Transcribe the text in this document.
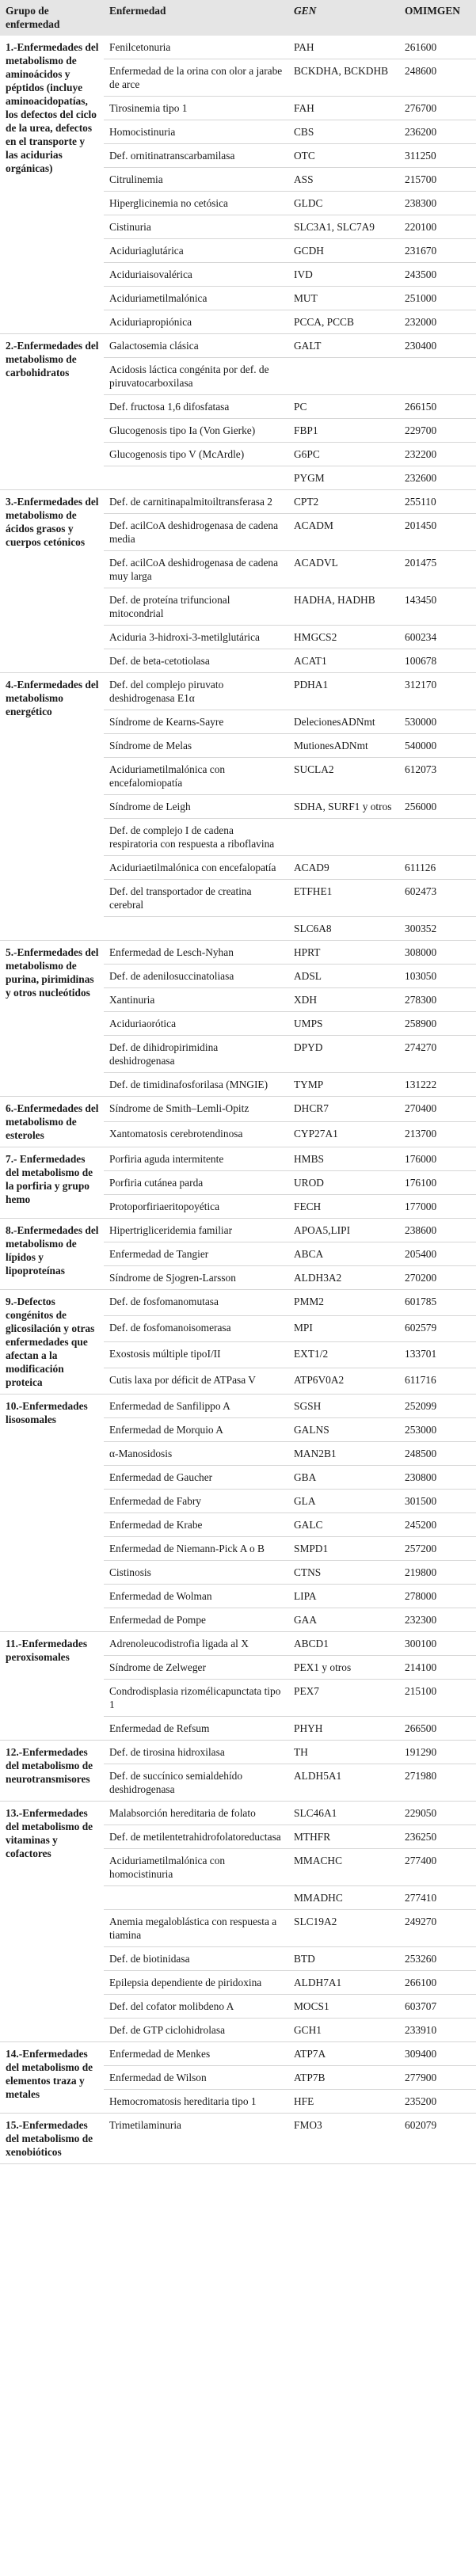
Grupo de enfermedad	Enfermedad	GEN	OMIMGEN
1.-Enfermedades del metabolismo de aminoácidos y péptidos (incluye aminoacidopatías, los defectos del ciclo de la urea, defectos en el transporte y las acidurias orgánicas)	Fenilcetonuria	PAH	261600
	Enfermedad de la orina con olor a jarabe de arce	BCKDHA, BCKDHB	248600
	Tirosinemia tipo 1	FAH	276700
	Homocistinuria	CBS	236200
	Def. ornitinatranscarbamilasa	OTC	311250
	Citrulinemia	ASS	215700
	Hiperglicinemia no cetósica	GLDC	238300
	Cistinuria	SLC3A1, SLC7A9	220100
	Aciduriaglutárica	GCDH	231670
	Aciduriaisovalérica	IVD	243500
	Aciduriametilmalónica	MUT	251000
	Aciduriapropiónica	PCCA, PCCB	232000
2.-Enfermedades del metabolismo de carbohidratos	Galactosemia clásica	GALT	230400
	Acidosis láctica congénita por def. de piruvatocarboxilasa		
	Def. fructosa 1,6 difosfatasa	PC	266150
	Glucogenosis tipo Ia (Von Gierke)	FBP1	229700
	Glucogenosis tipo V (McArdle)	G6PC	232200
		PYGM	232600
3.-Enfermedades del metabolismo de ácidos grasos y cuerpos cetónicos	Def. de carnitinapalmitoiltransferasa 2	CPT2	255110
	Def. acilCoA deshidrogenasa de cadena media	ACADM	201450
	Def. acilCoA deshidrogenasa de cadena muy larga	ACADVL	201475
	Def. de proteína trifuncional mitocondrial	HADHA, HADHB	143450
	Aciduria 3-hidroxi-3-metilglutárica	HMGCS2	600234
	Def. de beta-cetotiolasa	ACAT1	100678
4.-Enfermedades del metabolismo energético	Def. del complejo piruvato deshidrogenasa E1α	PDHA1	312170
	Síndrome de Kearns-Sayre	DelecionesADNmt	530000
	Síndrome de Melas	MutionesADNmt	540000
	Aciduriametilmalónica con encefalomiopatía	SUCLA2	612073
	Síndrome de Leigh	SDHA, SURF1 y otros	256000
	Def. de complejo I de cadena respiratoria con respuesta a riboflavina		
	Aciduriaetilmalónica con encefalopatía	ACAD9	611126
	Def. del transportador de creatina cerebral	ETFHE1	602473
		SLC6A8	300352
5.-Enfermedades del metabolismo de purina, pirimidinas y otros nucleótidos	Enfermedad de Lesch-Nyhan	HPRT	308000
	Def. de adenilosuccinatoliasa	ADSL	103050
	Xantinuria	XDH	278300
	Aciduriaorótica	UMPS	258900
	Def. de dihidropirimidina deshidrogenasa	DPYD	274270
	Def. de timidinafosforilasa (MNGIE)	TYMP	131222
6.-Enfermedades del metabolismo de esteroles	Síndrome de Smith–Lemli-Opitz	DHCR7	270400
	Xantomatosis cerebrotendinosa	CYP27A1	213700
7.- Enfermedades del metabolismo de la porfiria y grupo hemo	Porfiria aguda intermitente	HMBS	176000
	Porfiria cutánea parda	UROD	176100
	Protoporfiriaeritopoyética	FECH	177000
8.-Enfermedades del metabolismo de lípidos y lipoproteínas	Hipertrigliceridemia familiar	APOA5,LIPI	238600
	Enfermedad de Tangier	ABCA	205400
	Síndrome de Sjogren-Larsson	ALDH3A2	270200
9.-Defectos congénitos de glicosilación y otras enfermedades que afectan a la modificación proteica	Def. de fosfomanomutasa	PMM2	601785
	Def. de fosfomanoisomerasa	MPI	602579
	Exostosis múltiple tipoI/II	EXT1/2	133701
	Cutis laxa por déficit de ATPasa V	ATP6V0A2	611716
10.-Enfermedades lisosomales	Enfermedad de Sanfilippo A	SGSH	252099
	Enfermedad de Morquio A	GALNS	253000
	α-Manosidosis	MAN2B1	248500
	Enfermedad de Gaucher	GBA	230800
	Enfermedad de Fabry	GLA	301500
	Enfermedad de Krabe	GALC	245200
	Enfermedad de Niemann-Pick A o B	SMPD1	257200
	Cistinosis	CTNS	219800
	Enfermedad de Wolman	LIPA	278000
	Enfermedad de Pompe	GAA	232300
11.-Enfermedades peroxisomales	Adrenoleucodistrofia ligada al X	ABCD1	300100
	Síndrome de Zelweger	PEX1 y otros	214100
	Condrodisplasia rizomélicapunctata tipo 1	PEX7	215100
	Enfermedad de Refsum	PHYH	266500
12.-Enfermedades del metabolismo de neurotransmisores	Def. de tirosina hidroxilasa	TH	191290
	Def. de succínico semialdehído deshidrogenasa	ALDH5A1	271980
13.-Enfermedades del metabolismo de vitaminas y cofactores	Malabsorción hereditaria de folato	SLC46A1	229050
	Def. de metilentetrahidrofolatoreductasa	MTHFR	236250
	Aciduriametilmalónica con homocistinuria	MMACHC	277400
		MMADHC	277410
	Anemia megaloblástica con respuesta a tiamina	SLC19A2	249270
	Def. de biotinidasa	BTD	253260
	Epilepsia dependiente de piridoxina	ALDH7A1	266100
	Def. del cofator molibdeno A	MOCS1	603707
	Def. de GTP ciclohidrolasa	GCH1	233910
14.-Enfermedades del metabolismo de elementos traza y metales	Enfermedad de Menkes	ATP7A	309400
	Enfermedad de Wilson	ATP7B	277900
	Hemocromatosis hereditaria tipo 1	HFE	235200
15.-Enfermedades del metabolismo de xenobióticos	Trimetilaminuria	FMO3	602079
